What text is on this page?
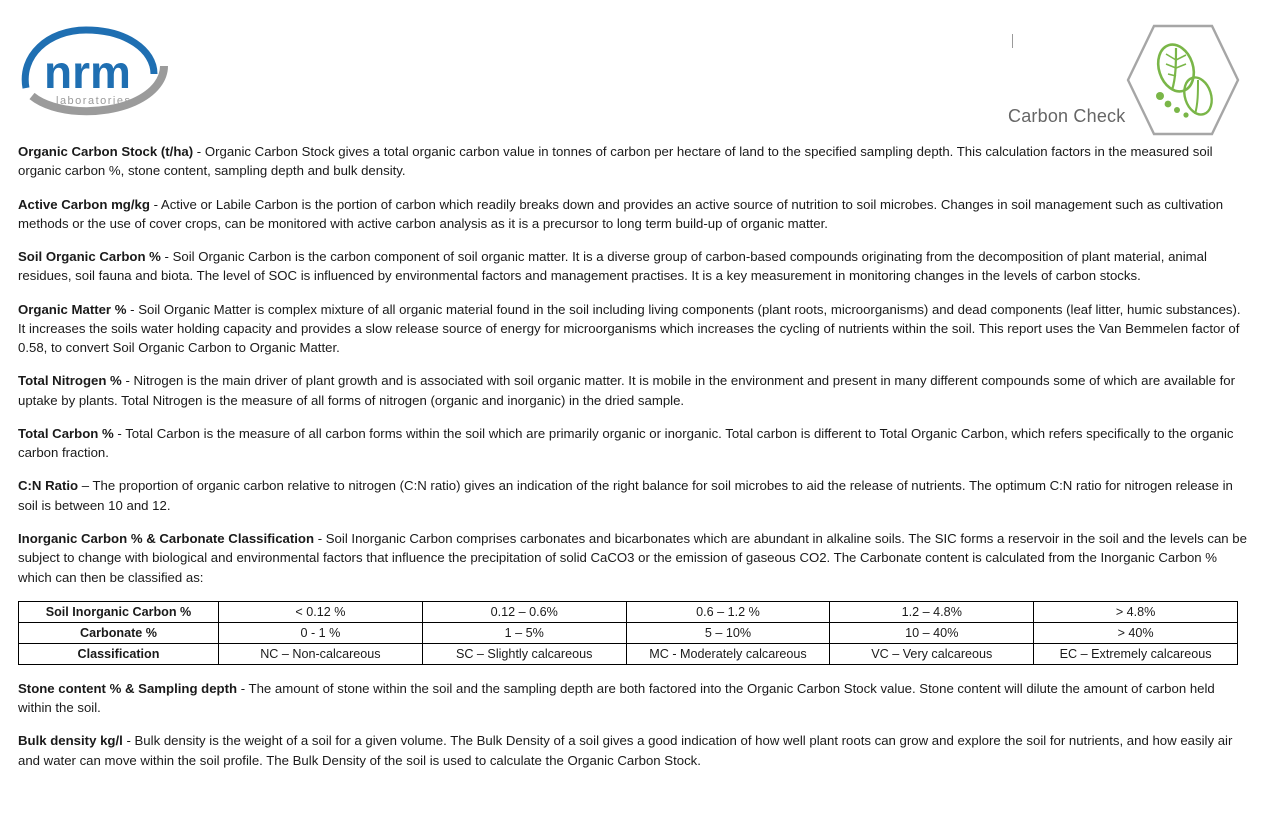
nrm
laboratories
Carbon Check

Organic Carbon Stock (t/ha) - Organic Carbon Stock gives a total organic carbon value in tonnes of carbon per hectare of land to the specified sampling depth. This calculation factors in the measured soil organic carbon %, stone content, sampling depth and bulk density.

Active Carbon mg/kg - Active or Labile Carbon is the portion of carbon which readily breaks down and provides an active source of nutrition to soil microbes. Changes in soil management such as cultivation methods or the use of cover crops, can be monitored with active carbon analysis as it is a precursor to long term build-up of organic matter.

Soil Organic Carbon % - Soil Organic Carbon is the carbon component of soil organic matter. It is a diverse group of carbon-based compounds originating from the decomposition of plant material, animal residues, soil fauna and biota. The level of SOC is influenced by environmental factors and management practises. It is a key measurement in monitoring changes in the levels of carbon stocks.

Organic Matter % - Soil Organic Matter is complex mixture of all organic material found in the soil including living components (plant roots, microorganisms) and dead components (leaf litter, humic substances). It increases the soils water holding capacity and provides a slow release source of energy for microorganisms which increases the cycling of nutrients within the soil. This report uses the Van Bemmelen factor of 0.58, to convert Soil Organic Carbon to Organic Matter.

Total Nitrogen % - Nitrogen is the main driver of plant growth and is associated with soil organic matter. It is mobile in the environment and present in many different compounds some of which are available for uptake by plants. Total Nitrogen is the measure of all forms of nitrogen (organic and inorganic) in the dried sample.

Total Carbon % - Total Carbon is the measure of all carbon forms within the soil which are primarily organic or inorganic. Total carbon is different to Total Organic Carbon, which refers specifically to the organic carbon fraction.

C:N Ratio – The proportion of organic carbon relative to nitrogen (C:N ratio) gives an indication of the right balance for soil microbes to aid the release of nutrients. The optimum C:N ratio for nitrogen release in soil is between 10 and 12.

Inorganic Carbon % & Carbonate Classification - Soil Inorganic Carbon comprises carbonates and bicarbonates which are abundant in alkaline soils. The SIC forms a reservoir in the soil and the levels can be subject to change with biological and environmental factors that influence the precipitation of solid CaCO3 or the emission of gaseous CO2. The Carbonate content is calculated from the Inorganic Carbon % which can then be classified as:

Soil Inorganic Carbon %	< 0.12 %	0.12 – 0.6%	0.6 – 1.2 %	1.2 – 4.8%	> 4.8%
Carbonate %	0 - 1 %	1 – 5%	5 – 10%	10 – 40%	> 40%
Classification	NC – Non-calcareous	SC – Slightly calcareous	MC - Moderately calcareous	VC – Very calcareous	EC – Extremely calcareous

Stone content % & Sampling depth - The amount of stone within the soil and the sampling depth are both factored into the Organic Carbon Stock value. Stone content will dilute the amount of carbon held within the soil.

Bulk density kg/l - Bulk density is the weight of a soil for a given volume. The Bulk Density of a soil gives a good indication of how well plant roots can grow and explore the soil for nutrients, and how easily air and water can move within the soil profile. The Bulk Density of the soil is used to calculate the Organic Carbon Stock.
